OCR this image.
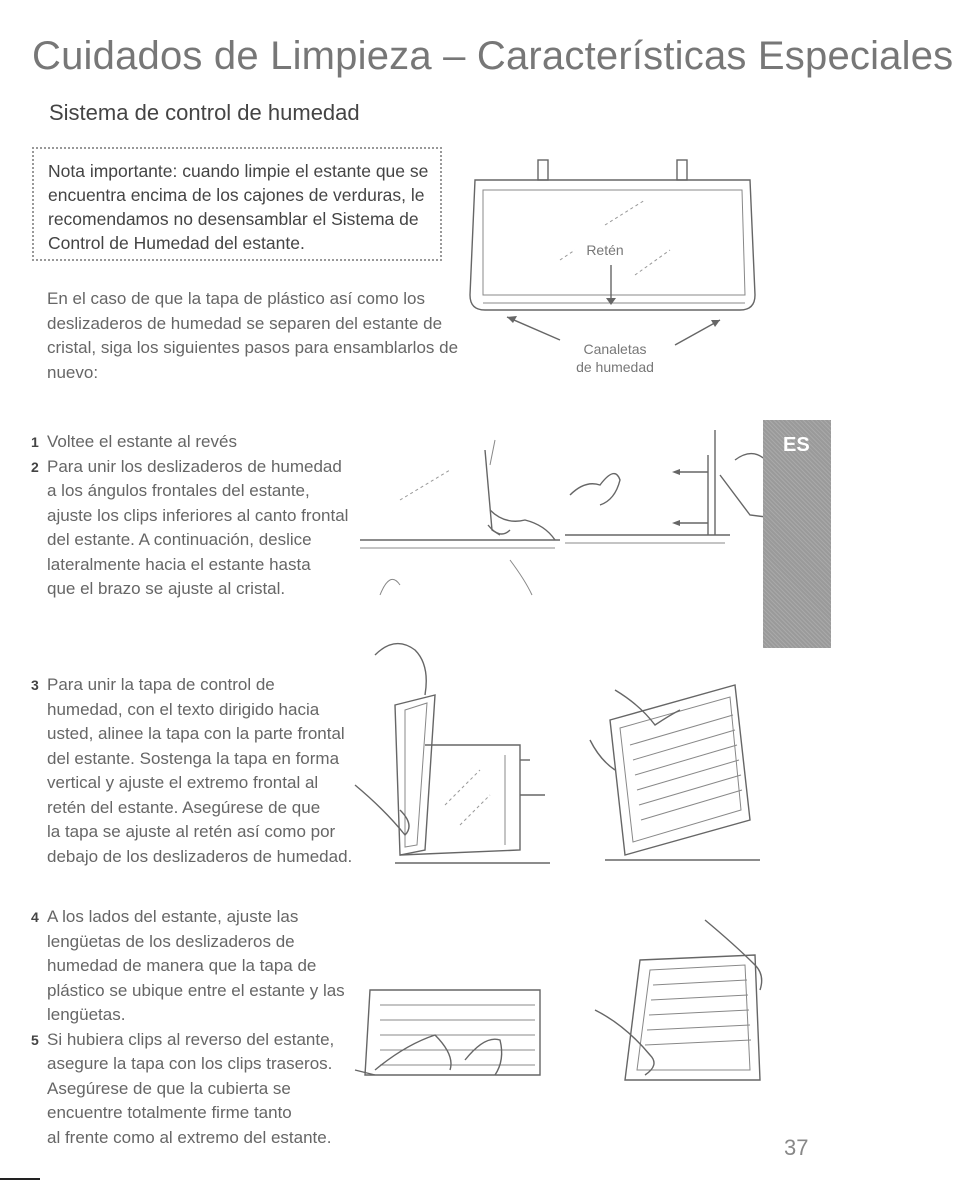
Cuidados de Limpieza – Características Especiales
Sistema de control de humedad
Nota importante: cuando limpie el estante que se
encuentra encima de los cajones de verduras, le
recomendamos no desensamblar el Sistema de
Control de Humedad del estante.
En el caso de que la tapa de plástico así como los
deslizaderos de humedad se separen del estante de
cristal, siga los siguientes pasos para ensamblarlos de
nuevo:
Retén
Canaletas
de humedad
1 Voltee el estante al revés
2 Para unir los deslizaderos de humedad
a los ángulos frontales del estante,
ajuste los clips inferiores al canto frontal
del estante. A continuación, deslice
lateralmente hacia el estante hasta
que el brazo se ajuste al cristal.
3 Para unir la tapa de control de
humedad, con el texto dirigido hacia
usted, alinee la tapa con la parte frontal
del estante. Sostenga la tapa en forma
vertical y ajuste el extremo frontal al
retén del estante. Asegúrese de que
la tapa se ajuste al retén así como por
debajo de los deslizaderos de humedad.
4 A los lados del estante, ajuste las
lengüetas de los deslizaderos de
humedad de manera que la tapa de
plástico se ubique entre el estante y las
lengüetas.
5 Si hubiera clips al reverso del estante,
asegure la tapa con los clips traseros.
Asegúrese de que la cubierta se
encuentre totalmente firme tanto
al frente como al extremo del estante.
ES
37
